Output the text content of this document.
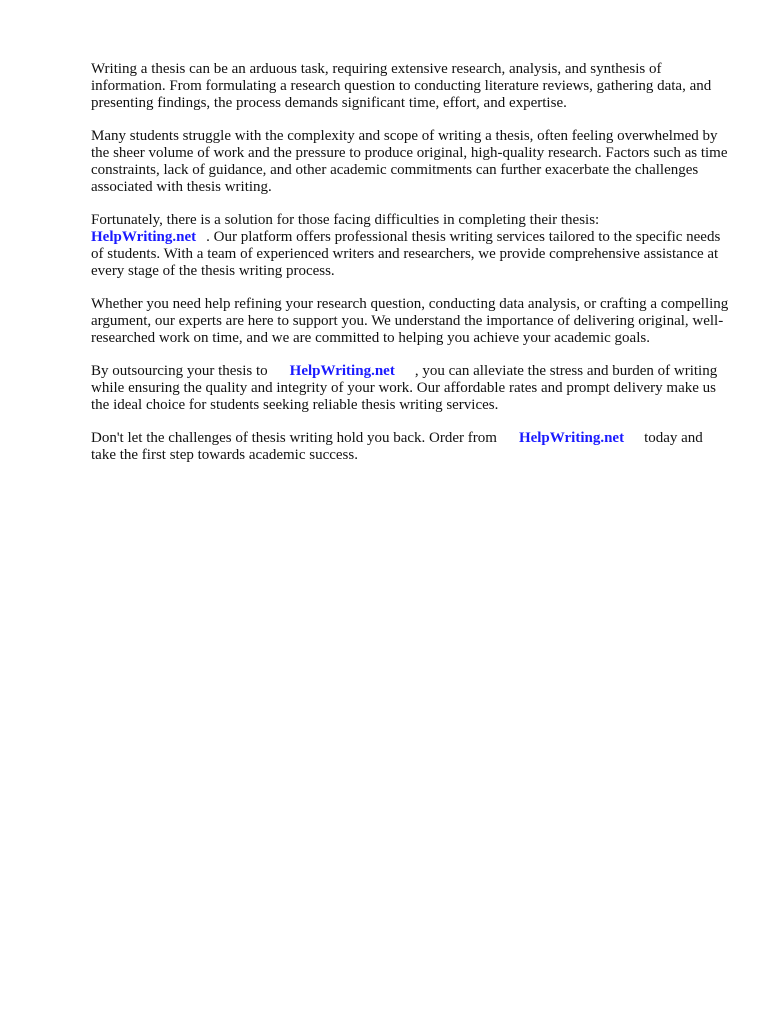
Writing a thesis can be an arduous task, requiring extensive research, analysis, and synthesis of information. From formulating a research question to conducting literature reviews, gathering data, and presenting findings, the process demands significant time, effort, and expertise.

Many students struggle with the complexity and scope of writing a thesis, often feeling overwhelmed by the sheer volume of work and the pressure to produce original, high-quality research. Factors such as time constraints, lack of guidance, and other academic commitments can further exacerbate the challenges associated with thesis writing.

Fortunately, there is a solution for those facing difficulties in completing their thesis:
HelpWriting.net . Our platform offers professional thesis writing services tailored to the specific needs of students. With a team of experienced writers and researchers, we provide comprehensive assistance at every stage of the thesis writing process.

Whether you need help refining your research question, conducting data analysis, or crafting a compelling argument, our experts are here to support you. We understand the importance of delivering original, well-researched work on time, and we are committed to helping you achieve your academic goals.

By outsourcing your thesis to HelpWriting.net , you can alleviate the stress and burden of writing while ensuring the quality and integrity of your work. Our affordable rates and prompt delivery make us the ideal choice for students seeking reliable thesis writing services.

Don't let the challenges of thesis writing hold you back. Order from HelpWriting.net today and take the first step towards academic success.
